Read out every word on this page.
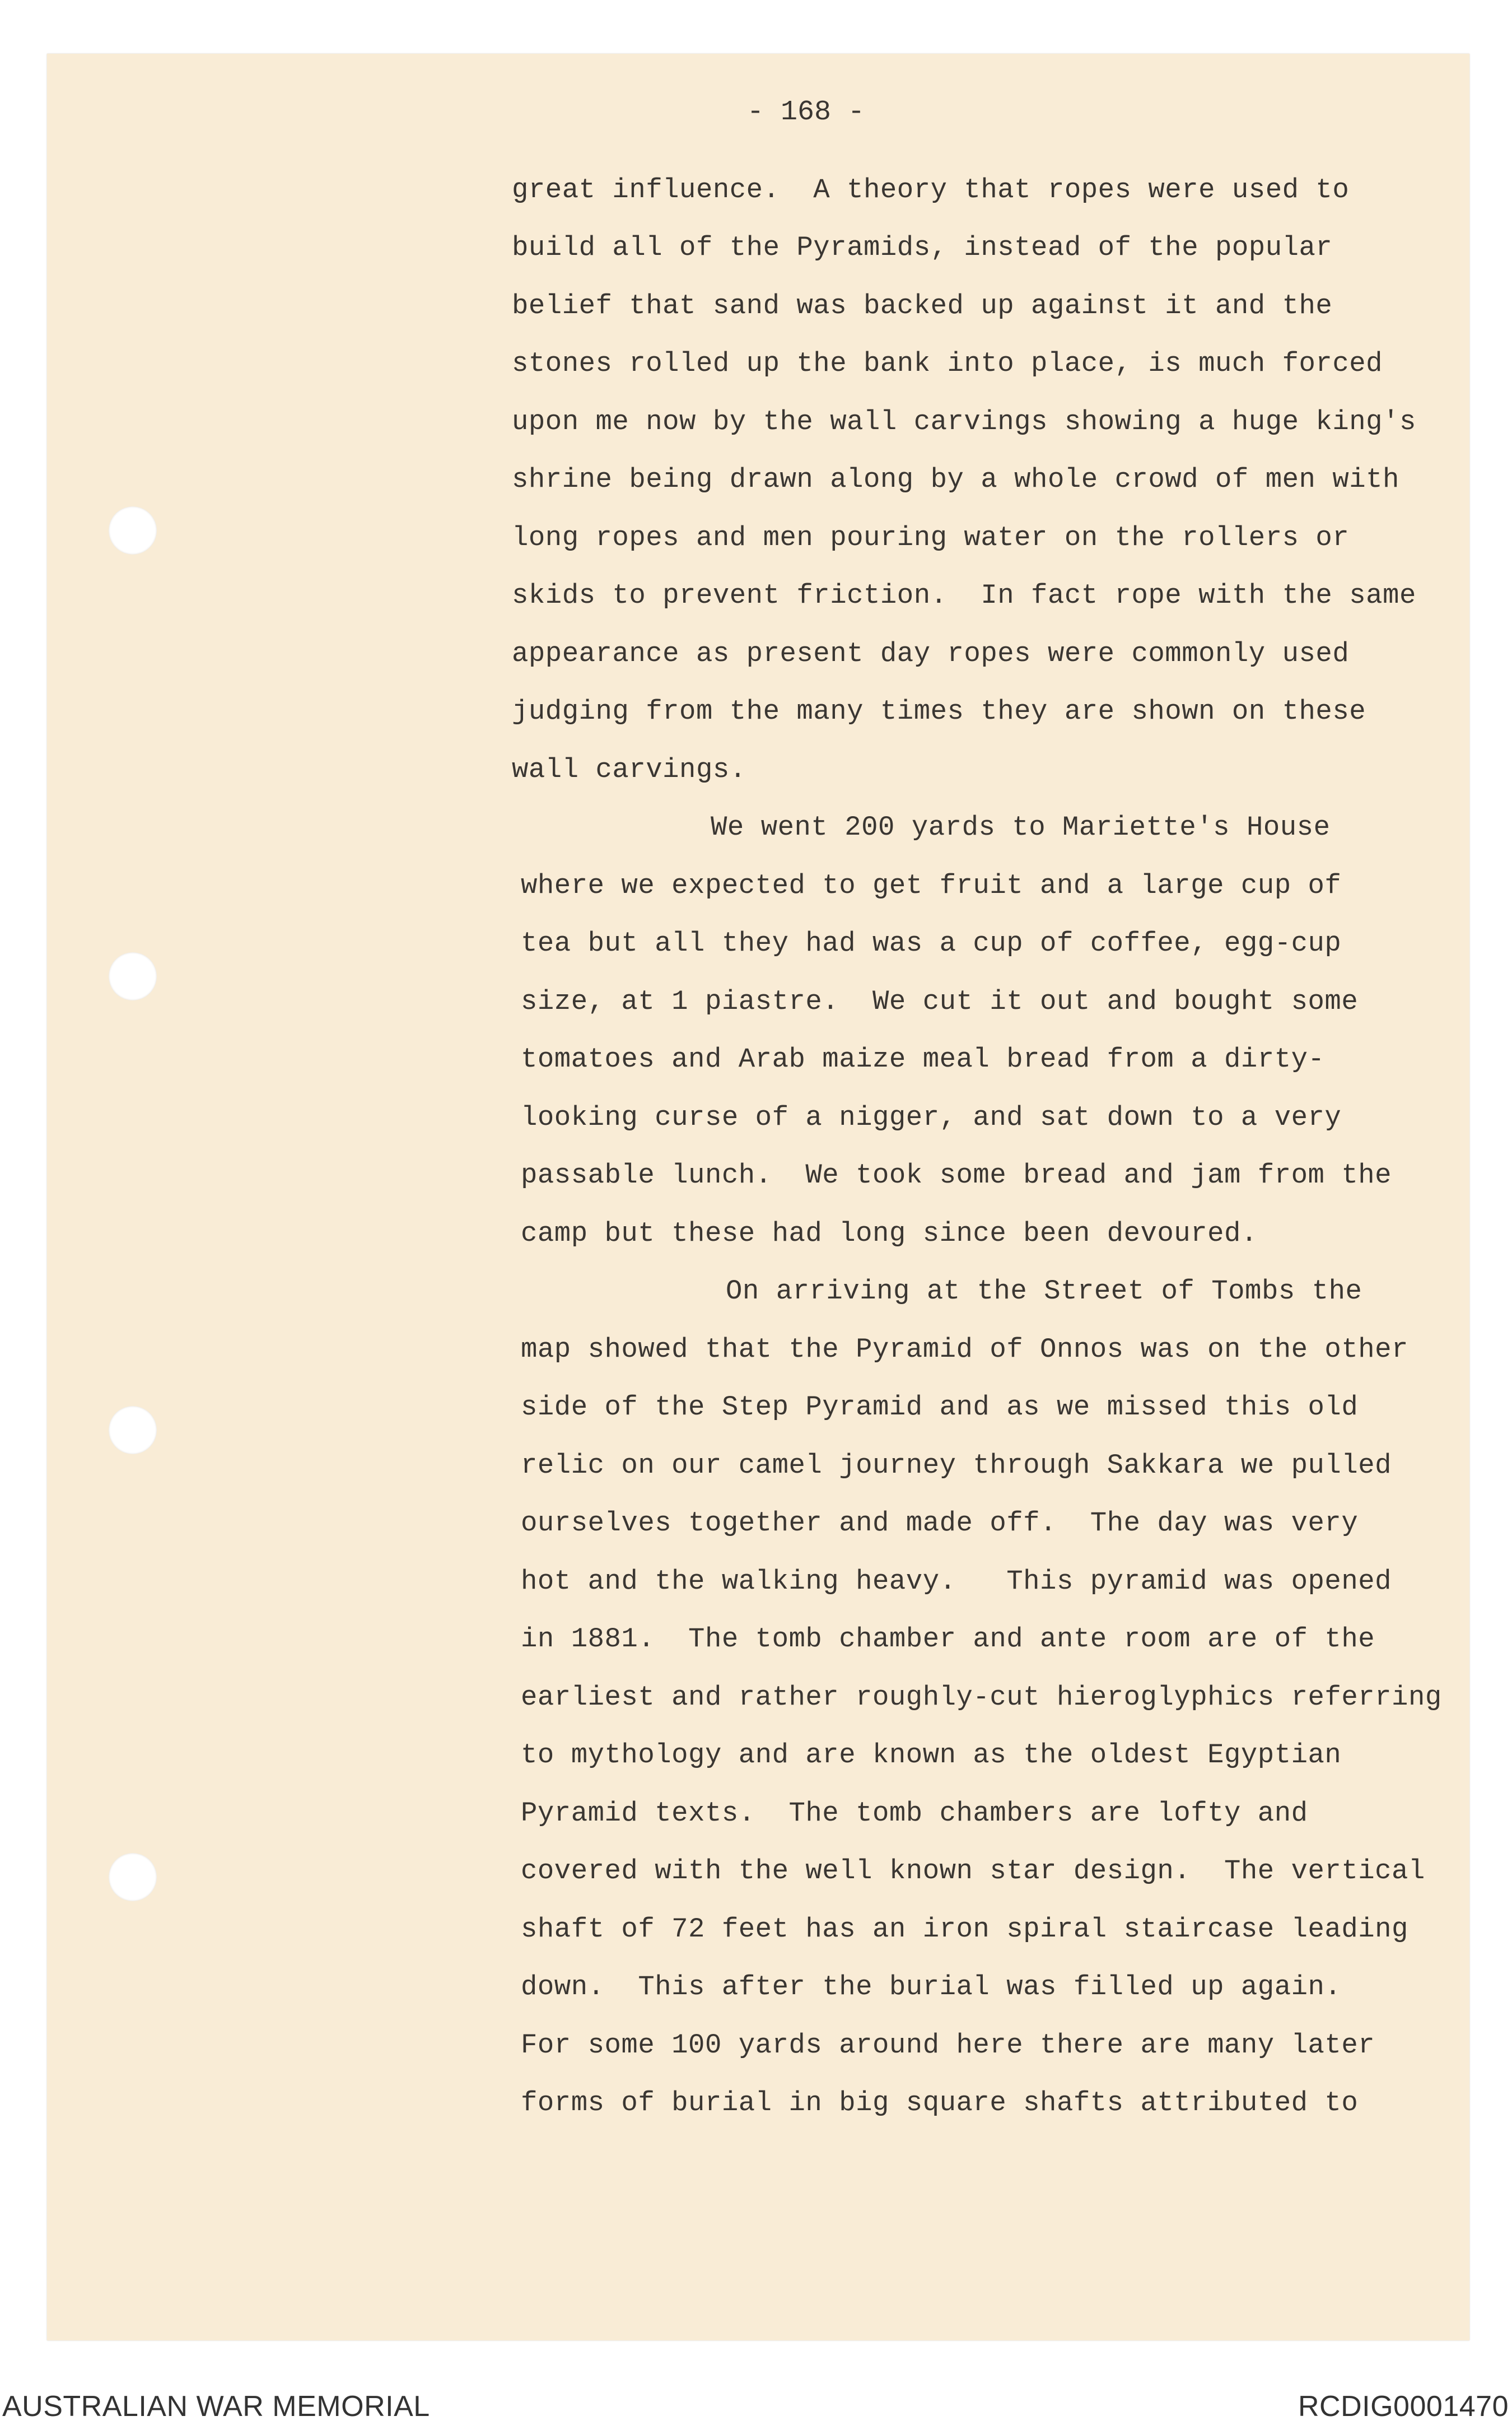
- 168 -
great influence.  A theory that ropes were used to
build all of the Pyramids, instead of the popular
belief that sand was backed up against it and the
stones rolled up the bank into place, is much forced
upon me now by the wall carvings showing a huge king's
shrine being drawn along by a whole crowd of men with
long ropes and men pouring water on the rollers or
skids to prevent friction.  In fact rope with the same
appearance as present day ropes were commonly used
judging from the many times they are shown on these
wall carvings.
We went 200 yards to Mariette's House
where we expected to get fruit and a large cup of
tea but all they had was a cup of coffee, egg-cup
size, at 1 piastre.  We cut it out and bought some
tomatoes and Arab maize meal bread from a dirty-
looking curse of a nigger, and sat down to a very
passable lunch.  We took some bread and jam from the
camp but these had long since been devoured.
On arriving at the Street of Tombs the
map showed that the Pyramid of Onnos was on the other
side of the Step Pyramid and as we missed this old
relic on our camel journey through Sakkara we pulled
ourselves together and made off.  The day was very
hot and the walking heavy.   This pyramid was opened
in 1881.  The tomb chamber and ante room are of the
earliest and rather roughly-cut hieroglyphics referring
to mythology and are known as the oldest Egyptian
Pyramid texts.  The tomb chambers are lofty and
covered with the well known star design.  The vertical
shaft of 72 feet has an iron spiral staircase leading
down.  This after the burial was filled up again.
For some 100 yards around here there are many later
forms of burial in big square shafts attributed to
AUSTRALIAN WAR MEMORIAL	RCDIG0001470
